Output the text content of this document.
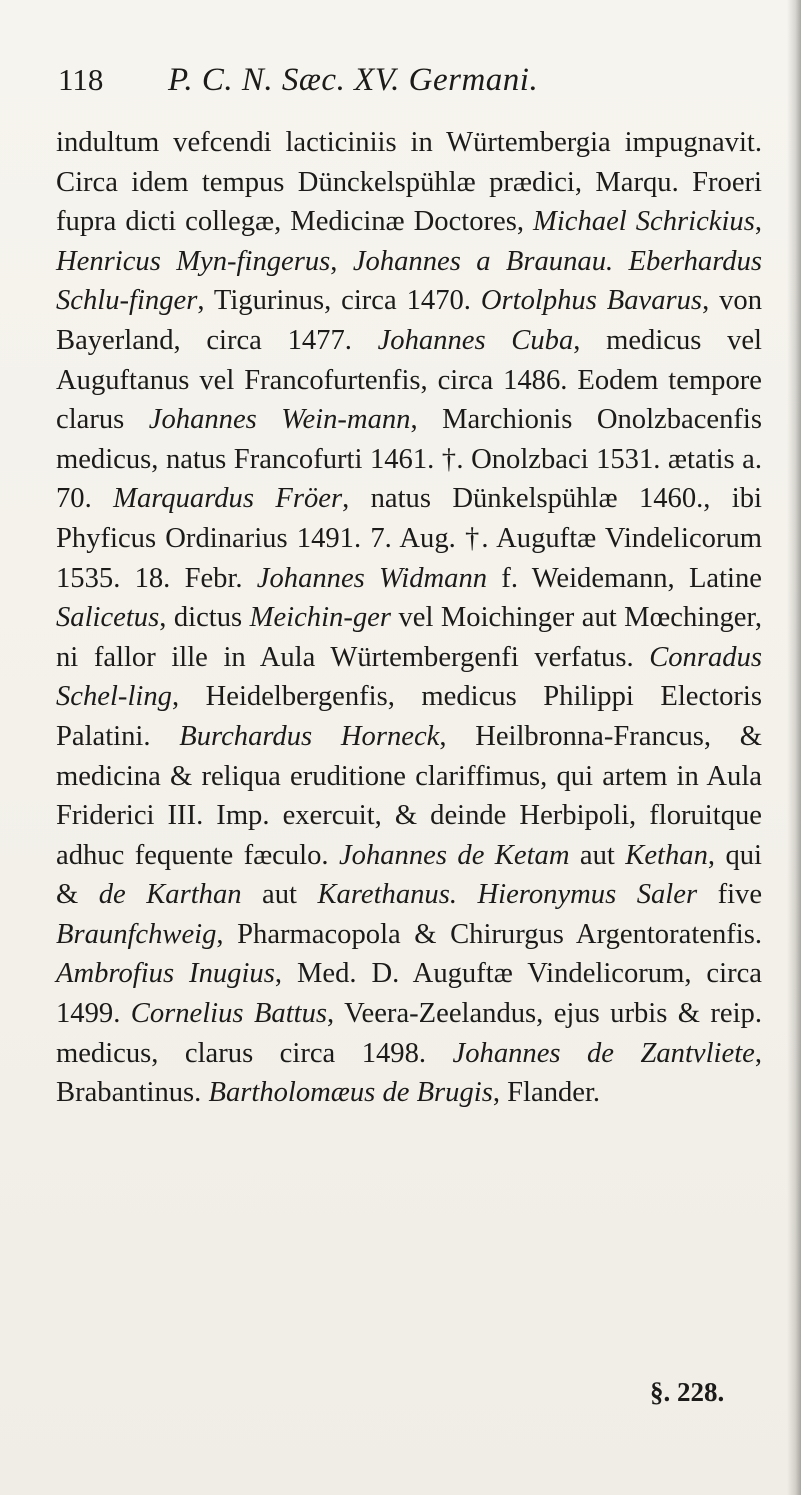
118 P. C. N. Sæc. XV. Germani.
indultum vefcendi lacticiniis in Würtembergia impugnavit. Circa idem tempus Dünckelspühlæ prædici, Marqu. Froeri fupra dicti collegæ, Medicinæ Doctores, Michael Schrickius, Henricus Myn-fingerus, Johannes a Braunau. Eberhardus Schlu-finger, Tigurinus, circa 1470. Ortolphus Bavarus, von Bayerland, circa 1477. Johannes Cuba, medicus vel Auguftanus vel Francofurtenfis, circa 1486. Eodem tempore clarus Johannes Wein-mann, Marchionis Onolzbacenfis medicus, natus Francofurti 1461. †. Onolzbaci 1531. ætatis a. 70. Marquardus Fröer, natus Dünkelspühlæ 1460., ibi Phyficus Ordinarius 1491. 7. Aug. †. Auguftæ Vindelicorum 1535. 18. Febr. Johannes Widmann f. Weidemann, Latine Salicetus, dictus Meichin-ger vel Moichinger aut Mœchinger, ni fallor ille in Aula Würtembergenfi verfatus. Conradus Schel-ling, Heidelbergenfis, medicus Philippi Electoris Palatini. Burchardus Horneck, Heilbronna-Francus, & medicina & reliqua eruditione clariffimus, qui artem in Aula Friderici III. Imp. exercuit, & deinde Herbipoli, floruitque adhuc fequente fæculo. Johannes de Ketam aut Kethan, qui & de Karthan aut Karethanus. Hieronymus Saler five Braunfchweig, Pharmacopola & Chirurgus Argentoratenfis. Ambrofius Inugius, Med. D. Auguftæ Vindelicorum, circa 1499. Cornelius Battus, Veera-Zeelandus, ejus urbis & reip. medicus, clarus circa 1498. Johannes de Zantvliete, Brabantinus. Bartholomæus de Brugis, Flander.
§. 228.
